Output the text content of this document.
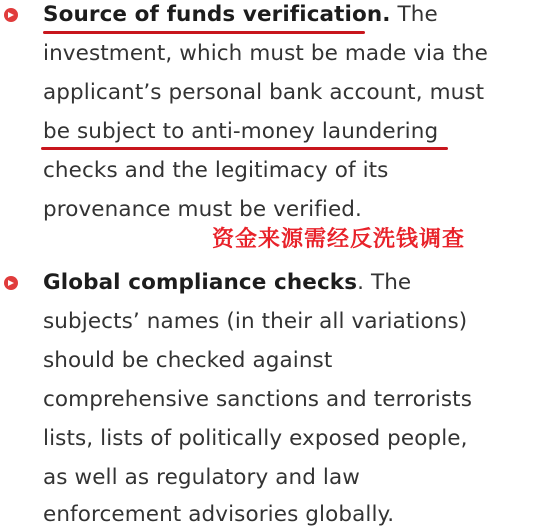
Source of funds verification. The
investment, which must be made via the
applicant’s personal bank account, must
be subject to anti-money laundering
checks and the legitimacy of its
provenance must be verified.
资金来源需经反洗钱调查
Global compliance checks. The
subjects’ names (in their all variations)
should be checked against
comprehensive sanctions and terrorists
lists, lists of politically exposed people,
as well as regulatory and law
enforcement advisories globally.
